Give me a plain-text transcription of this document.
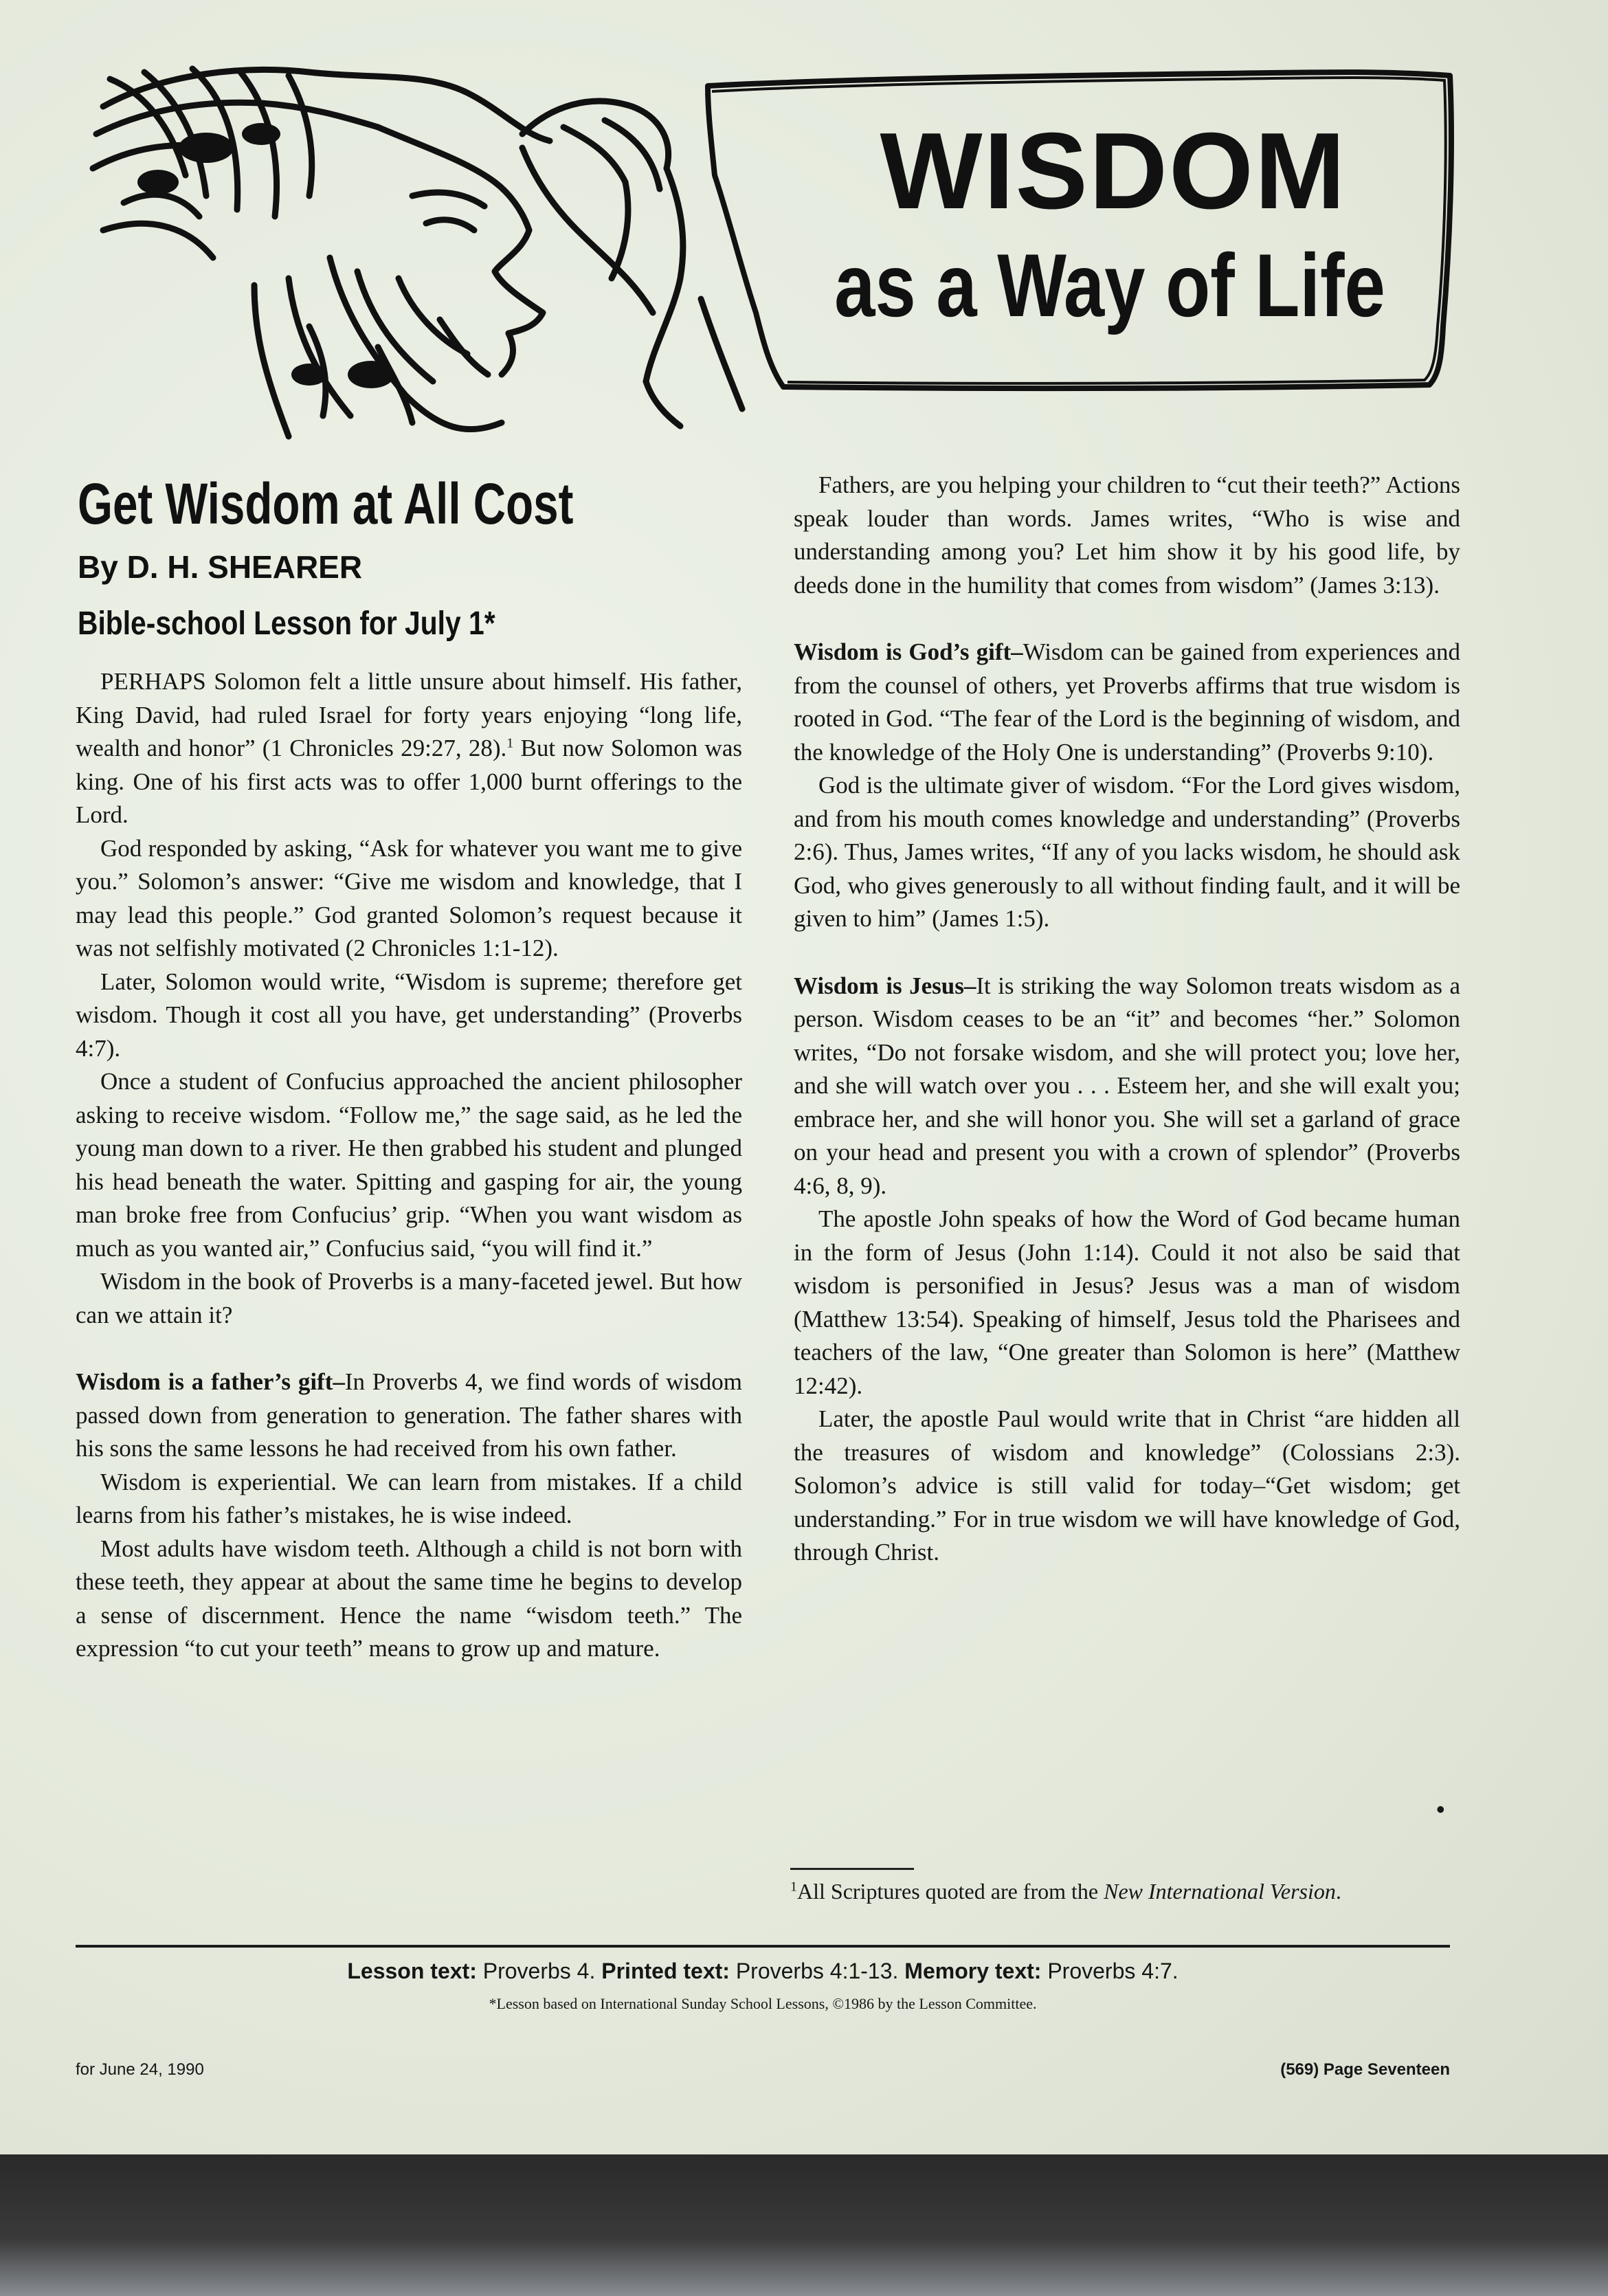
WISDOM
as a Way of Life
Get Wisdom at All Cost
By D. H. SHEARER
Bible-school Lesson for July 1*

PERHAPS Solomon felt a little unsure about himself. His father, King David, had ruled Israel for forty years enjoying “long life, wealth and honor” (1 Chronicles 29:27, 28).$^1$ But now Solomon was king. One of his first acts was to offer 1,000 burnt offerings to the Lord.

God responded by asking, “Ask for whatever you want me to give you.” Solomon’s answer: “Give me wisdom and knowledge, that I may lead this people.” God granted Solomon’s request because it was not selfishly motivated (2 Chronicles 1:1-12).

Later, Solomon would write, “Wisdom is supreme; therefore get wisdom. Though it cost all you have, get understanding” (Proverbs 4:7).

Once a student of Confucius approached the ancient philosopher asking to receive wisdom. “Follow me,” the sage said, as he led the young man down to a river. He then grabbed his student and plunged his head beneath the water. Spitting and gasping for air, the young man broke free from Confucius’ grip. “When you want wisdom as much as you wanted air,” Confucius said, “you will find it.”

Wisdom in the book of Proverbs is a many-faceted jewel. But how can we attain it?

Wisdom is a father’s gift–In Proverbs 4, we find words of wisdom passed down from generation to generation. The father shares with his sons the same lessons he had received from his own father.

Wisdom is experiential. We can learn from mistakes. If a child learns from his father’s mistakes, he is wise indeed.

Most adults have wisdom teeth. Although a child is not born with these teeth, they appear at about the same time he begins to develop a sense of discernment. Hence the name “wisdom teeth.” The expression “to cut your teeth” means to grow up and mature.

Fathers, are you helping your children to “cut their teeth?” Actions speak louder than words. James writes, “Who is wise and understanding among you? Let him show it by his good life, by deeds done in the humility that comes from wisdom” (James 3:13).

Wisdom is God’s gift–Wisdom can be gained from experiences and from the counsel of others, yet Proverbs affirms that true wisdom is rooted in God. “The fear of the Lord is the beginning of wisdom, and the knowledge of the Holy One is understanding” (Proverbs 9:10).

God is the ultimate giver of wisdom. “For the Lord gives wisdom, and from his mouth comes knowledge and understanding” (Proverbs 2:6). Thus, James writes, “If any of you lacks wisdom, he should ask God, who gives generously to all without finding fault, and it will be given to him” (James 1:5).

Wisdom is Jesus–It is striking the way Solomon treats wisdom as a person. Wisdom ceases to be an “it” and becomes “her.” Solomon writes, “Do not forsake wisdom, and she will protect you; love her, and she will watch over you . . . Esteem her, and she will exalt you; embrace her, and she will honor you. She will set a garland of grace on your head and present you with a crown of splendor” (Proverbs 4:6, 8, 9).

The apostle John speaks of how the Word of God became human in the form of Jesus (John 1:14). Could it not also be said that wisdom is personified in Jesus? Jesus was a man of wisdom (Matthew 13:54). Speaking of himself, Jesus told the Pharisees and teachers of the law, “One greater than Solomon is here” (Matthew 12:42).

Later, the apostle Paul would write that in Christ “are hidden all the treasures of wisdom and knowledge” (Colossians 2:3). Solomon’s advice is still valid for today–“Get wisdom; get understanding.” For in true wisdom we will have knowledge of God, through Christ.

•
$^1$All Scriptures quoted are from the New International Version.
Lesson text: Proverbs 4. Printed text: Proverbs 4:1-13. Memory text: Proverbs 4:7.
*Lesson based on International Sunday School Lessons, ©1986 by the Lesson Committee.
for June 24, 1990	(569) Page Seventeen
